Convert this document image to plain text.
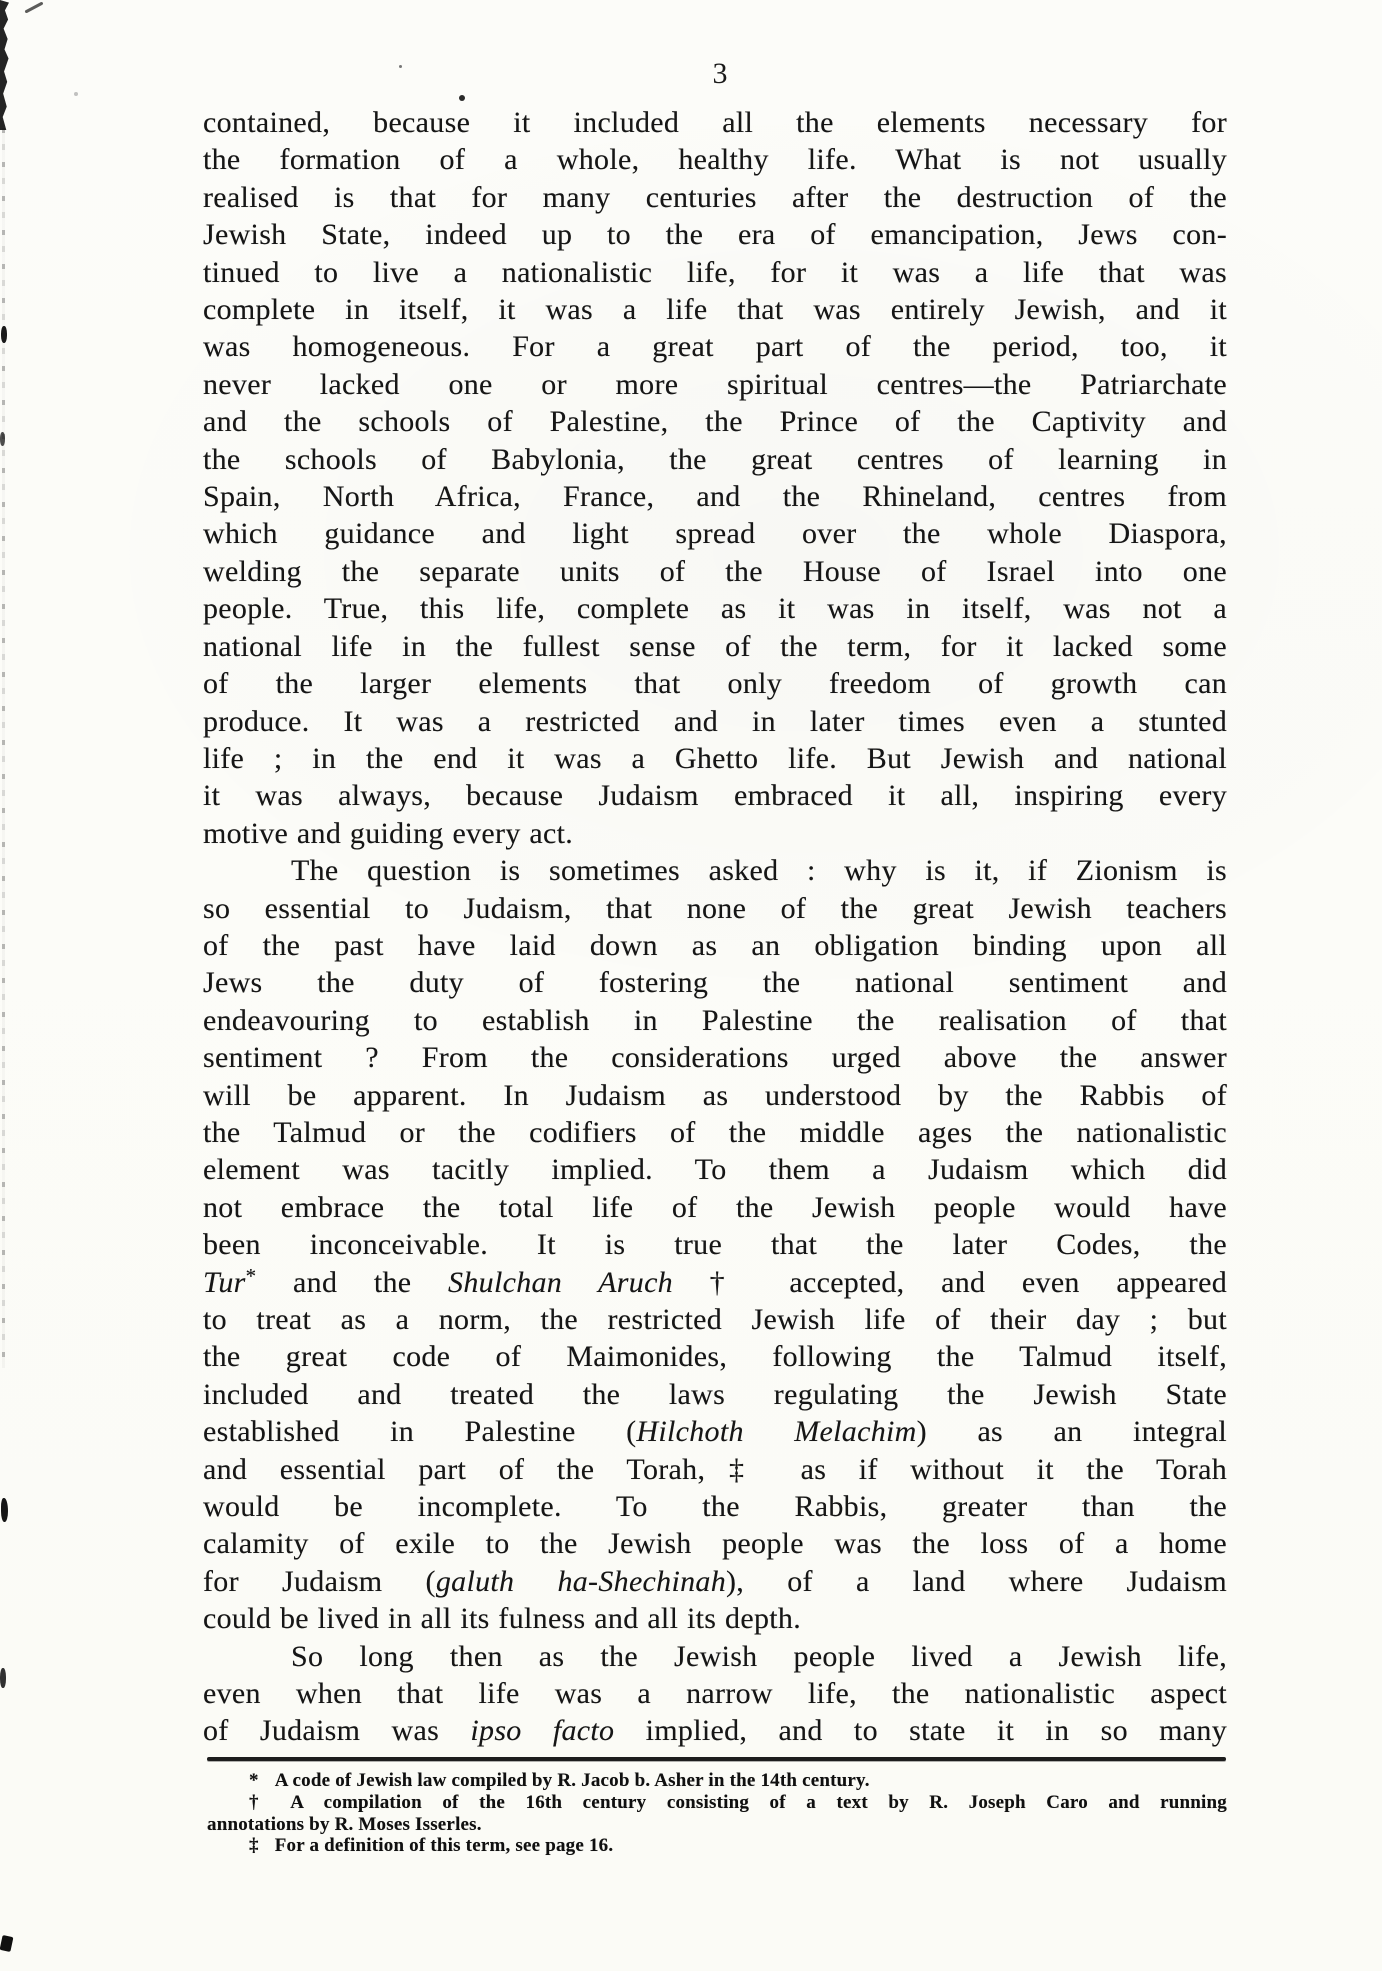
3
contained, because it included all the elements necessary for
the formation of a whole, healthy life. What is not usually
realised is that for many centuries after the destruction of the
Jewish State, indeed up to the era of emancipation, Jews con-
tinued to live a nationalistic life, for it was a life that was
complete in itself, it was a life that was entirely Jewish, and it
was homogeneous. For a great part of the period, too, it
never lacked one or more spiritual centres—the Patriarchate
and the schools of Palestine, the Prince of the Captivity and
the schools of Babylonia, the great centres of learning in
Spain, North Africa, France, and the Rhineland, centres from
which guidance and light spread over the whole Diaspora,
welding the separate units of the House of Israel into one
people. True, this life, complete as it was in itself, was not a
national life in the fullest sense of the term, for it lacked some
of the larger elements that only freedom of growth can
produce. It was a restricted and in later times even a stunted
life ; in the end it was a Ghetto life. But Jewish and national
it was always, because Judaism embraced it all, inspiring every
motive and guiding every act.
The question is sometimes asked : why is it, if Zionism is
so essential to Judaism, that none of the great Jewish teachers
of the past have laid down as an obligation binding upon all
Jews the duty of fostering the national sentiment and
endeavouring to establish in Palestine the realisation of that
sentiment ? From the considerations urged above the answer
will be apparent. In Judaism as understood by the Rabbis of
the Talmud or the codifiers of the middle ages the nationalistic
element was tacitly implied. To them a Judaism which did
not embrace the total life of the Jewish people would have
been inconceivable. It is true that the later Codes, the
Tur* and the Shulchan Aruch † accepted, and even appeared
to treat as a norm, the restricted Jewish life of their day ; but
the great code of Maimonides, following the Talmud itself,
included and treated the laws regulating the Jewish State
established in Palestine (Hilchoth Melachim) as an integral
and essential part of the Torah,‡ as if without it the Torah
would be incomplete. To the Rabbis, greater than the
calamity of exile to the Jewish people was the loss of a home
for Judaism (galuth ha-Shechinah), of a land where Judaism
could be lived in all its fulness and all its depth.
So long then as the Jewish people lived a Jewish life,
even when that life was a narrow life, the nationalistic aspect
of Judaism was ipso facto implied, and to state it in so many
* A code of Jewish law compiled by R. Jacob b. Asher in the 14th century.
† A compilation of the 16th century consisting of a text by R. Joseph Caro and running
annotations by R. Moses Isserles.
‡ For a definition of this term, see page 16.
